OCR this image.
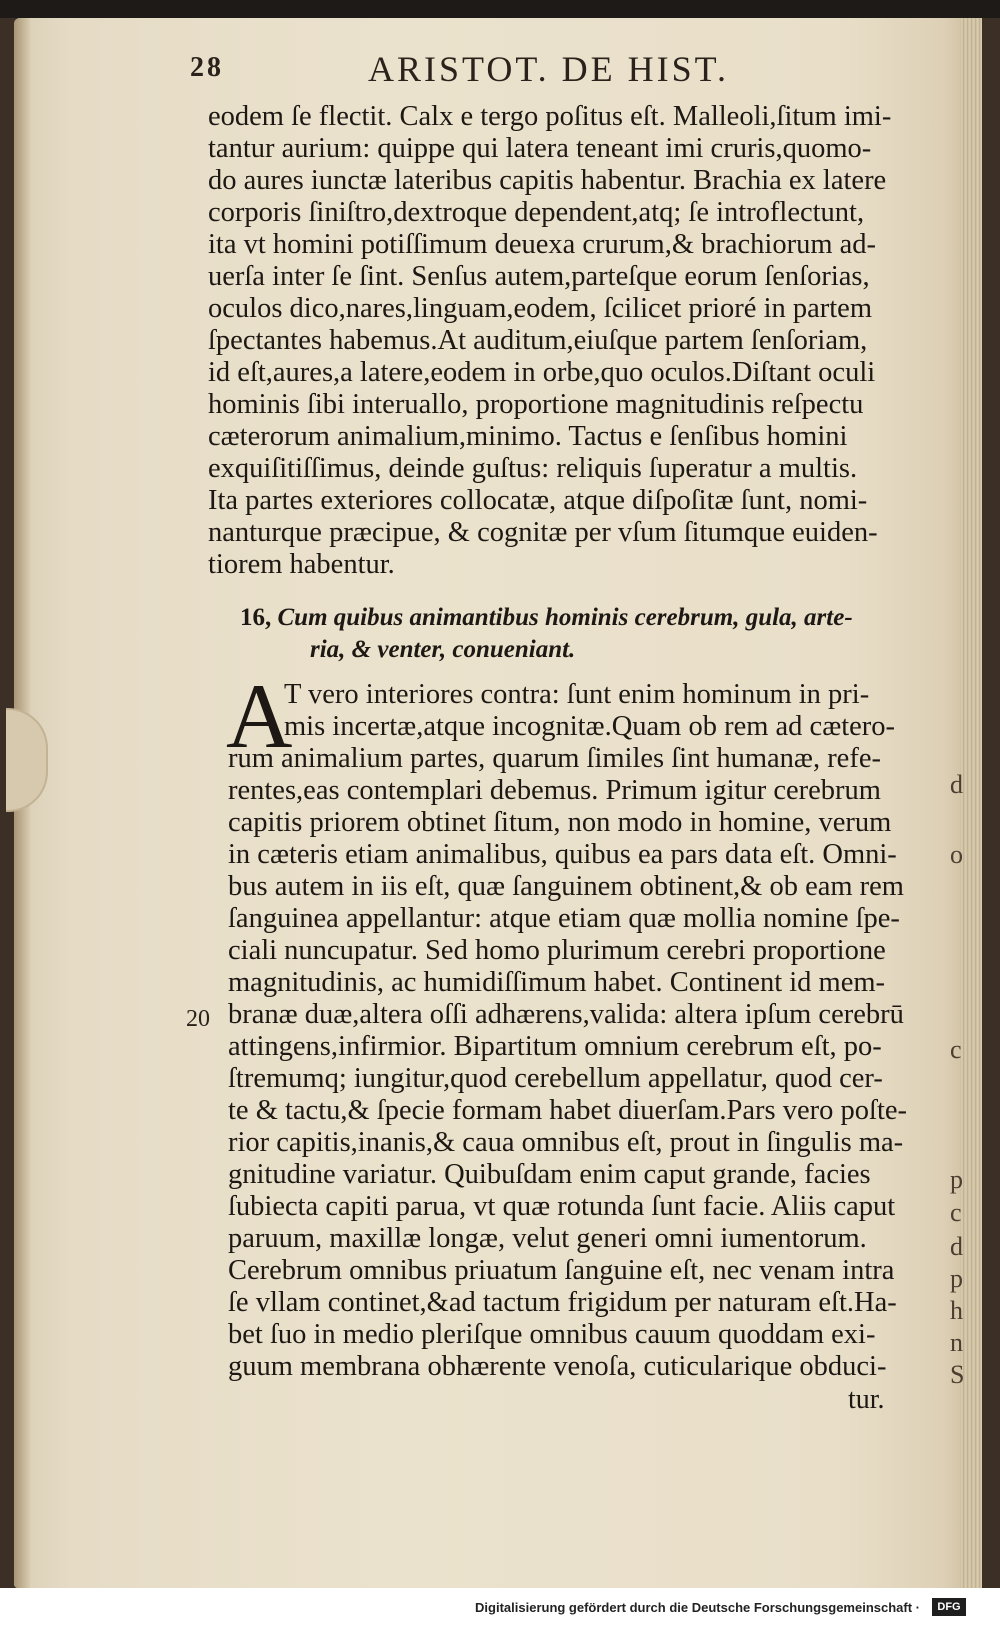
d
o
c
p
c
d
p
h
n
S
28	ARISTOT. DE HIST.
eodem ſe flectit. Calx e tergo poſitus eſt. Malleoli,ſitum imi-
tantur aurium: quippe qui latera teneant imi cruris,quomo-
do aures iunctæ lateribus capitis habentur. Brachia ex latere
corporis ſiniſtro,dextroque dependent,atq; ſe introflectunt,
ita vt homini potiſſimum deuexa crurum,& brachiorum ad-
uerſa inter ſe ſint. Senſus autem,parteſque eorum ſenſorias,
oculos dico,nares,linguam,eodem, ſcilicet prioré in partem
ſpectantes habemus.At auditum,eiuſque partem ſenſoriam,
id eſt,aures,a latere,eodem in orbe,quo oculos.Diſtant oculi
hominis ſibi interuallo, proportione magnitudinis reſpectu
cæterorum animalium,minimo. Tactus e ſenſibus homini
exquiſitiſſimus, deinde guſtus: reliquis ſuperatur a multis.
Ita partes exteriores collocatæ, atque diſpoſitæ ſunt, nomi-
nanturque præcipue, & cognitæ per vſum ſitumque euiden-
tiorem habentur.
16, Cum quibus animantibus hominis cerebrum, gula, arte-
ria, & venter, conueniant.
A
T vero interiores contra: ſunt enim hominum in pri-
mis incertæ,atque incognitæ.Quam ob rem ad cætero-
rum animalium partes, quarum ſimiles ſint humanæ, refe-
rentes,eas contemplari debemus. Primum igitur cerebrum
capitis priorem obtinet ſitum, non modo in homine, verum
in cæteris etiam animalibus, quibus ea pars data eſt. Omni-
bus autem in iis eſt, quæ ſanguinem obtinent,& ob eam rem
ſanguinea appellantur: atque etiam quæ mollia nomine ſpe-
ciali nuncupatur. Sed homo plurimum cerebri proportione
magnitudinis, ac humidiſſimum habet. Continent id mem-
branæ duæ,altera oſſi adhærens,valida: altera ipſum cerebrū
attingens,infirmior. Bipartitum omnium cerebrum eſt, po-
ſtremumq; iungitur,quod cerebellum appellatur, quod cer-
te & tactu,& ſpecie formam habet diuerſam.Pars vero poſte-
rior capitis,inanis,& caua omnibus eſt, prout in ſingulis ma-
gnitudine variatur. Quibuſdam enim caput grande, facies
ſubiecta capiti parua, vt quæ rotunda ſunt facie. Aliis caput
paruum, maxillæ longæ, velut generi omni iumentorum.
Cerebrum omnibus priuatum ſanguine eſt, nec venam intra
ſe vllam continet,&ad tactum frigidum per naturam eſt.Ha-
bet ſuo in medio pleriſque omnibus cauum quoddam exi-
guum membrana obhærente venoſa, cuticularique obduci-
20
tur.
Digitalisierung gefördert durch die Deutsche Forschungsgemeinschaft ·	DFG
